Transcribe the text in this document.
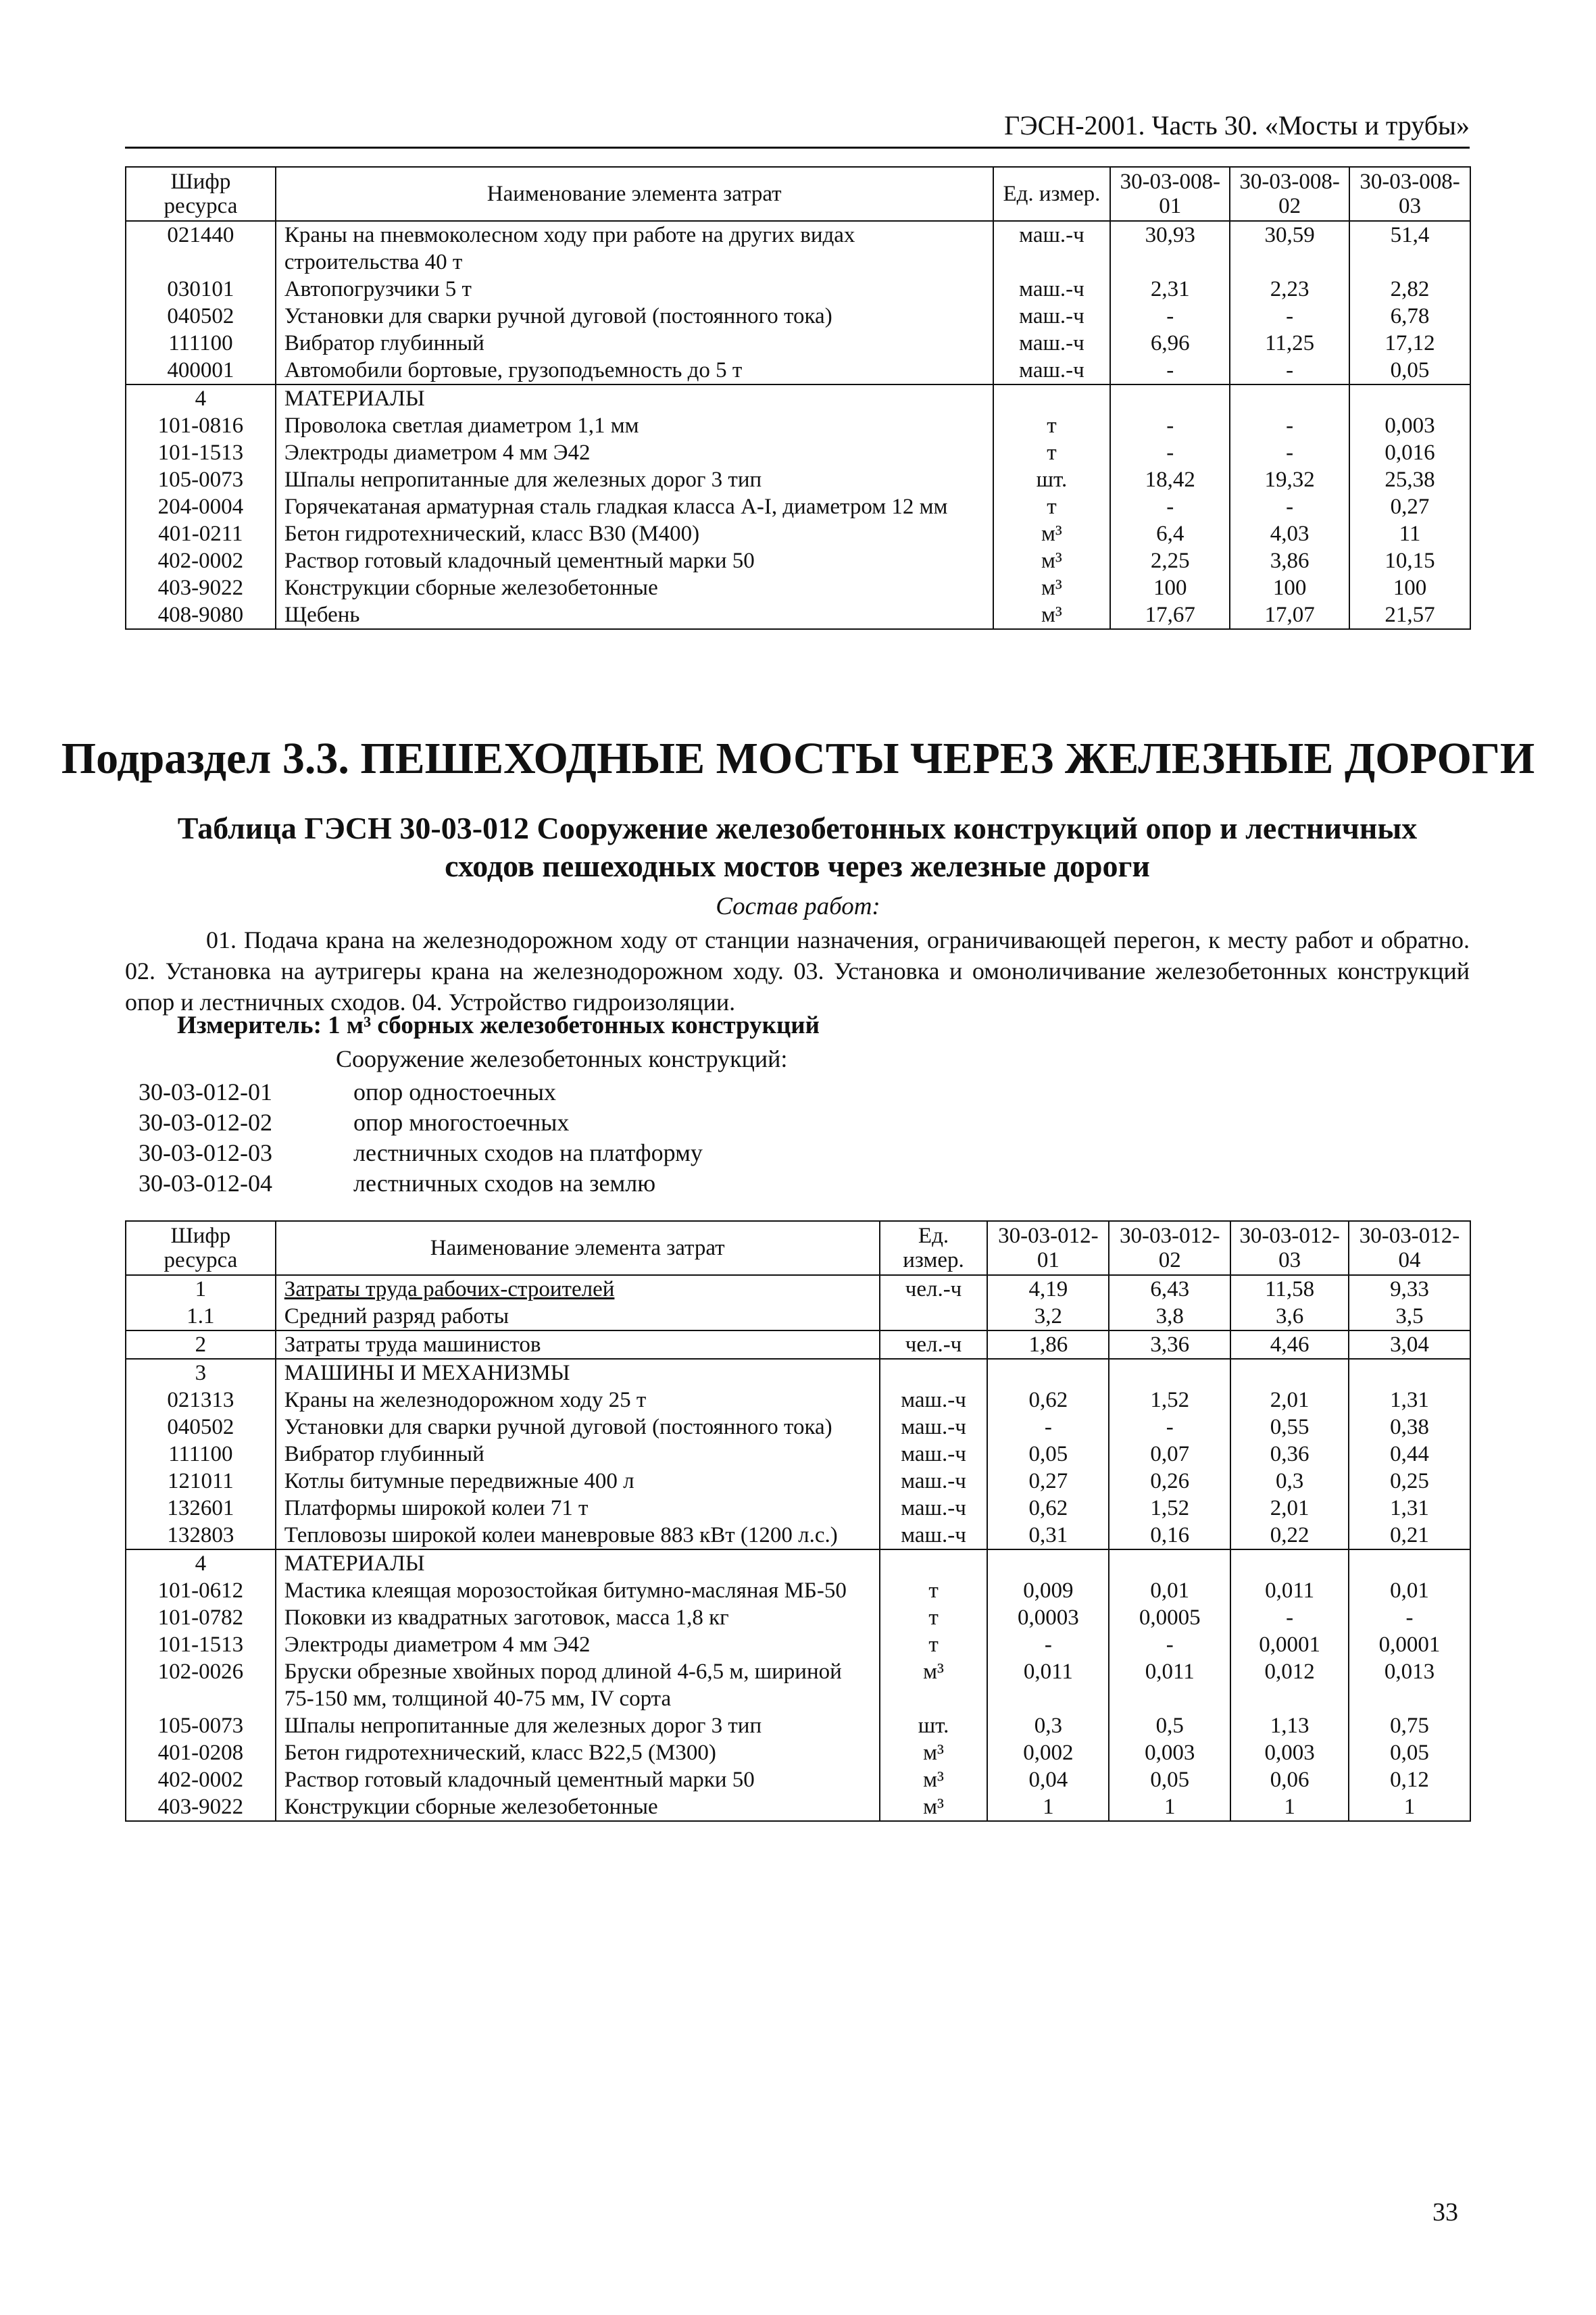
ГЭСН-2001. Часть 30. «Мосты и трубы»
Шифр ресурса	Наименование элемента затрат	Ед. измер.	30-03-008-01	30-03-008-02	30-03-008-03
021440	Краны на пневмоколесном ходу при работе на других видах строительства 40 т	маш.-ч	30,93	30,59	51,4
030101	Автопогрузчики 5 т	маш.-ч	2,31	2,23	2,82
040502	Установки для сварки ручной дуговой (постоянного тока)	маш.-ч	-	-	6,78
111100	Вибратор глубинный	маш.-ч	6,96	11,25	17,12
400001	Автомобили бортовые, грузоподъемность до 5 т	маш.-ч	-	-	0,05
4	МАТЕРИАЛЫ				
101-0816	Проволока светлая диаметром 1,1 мм	т	-	-	0,003
101-1513	Электроды диаметром 4 мм Э42	т	-	-	0,016
105-0073	Шпалы непропитанные для железных дорог 3 тип	шт.	18,42	19,32	25,38
204-0004	Горячекатаная арматурная сталь гладкая класса А-I, диаметром 12 мм	т	-	-	0,27
401-0211	Бетон гидротехнический, класс В30 (М400)	м³	6,4	4,03	11
402-0002	Раствор готовый кладочный цементный марки 50	м³	2,25	3,86	10,15
403-9022	Конструкции сборные железобетонные	м³	100	100	100
408-9080	Щебень	м³	17,67	17,07	21,57
Подраздел 3.3. ПЕШЕХОДНЫЕ МОСТЫ ЧЕРЕЗ ЖЕЛЕЗНЫЕ ДОРОГИ
Таблица ГЭСН 30-03-012 Сооружение железобетонных конструкций опор и лестничных
сходов пешеходных мостов через железные дороги
Состав работ:
01. Подача крана на железнодорожном ходу от станции назначения, ограничивающей перегон, к месту работ и обратно. 02. Установка на аутригеры крана на железнодорожном ходу. 03. Установка и омоноличивание железобетонных конструкций опор и лестничных сходов. 04. Устройство гидроизоляции.
Измеритель: 1 м³ сборных железобетонных конструкций
Сооружение железобетонных конструкций:
30-03-012-01	опор одностоечных
30-03-012-02	опор многостоечных
30-03-012-03	лестничных сходов на платформу
30-03-012-04	лестничных сходов на землю
Шифр ресурса	Наименование элемента затрат	Ед. измер.	30-03-012-01	30-03-012-02	30-03-012-03	30-03-012-04
1	Затраты труда рабочих-строителей	чел.-ч	4,19	6,43	11,58	9,33
1.1	Средний разряд работы		3,2	3,8	3,6	3,5
2	Затраты труда машинистов	чел.-ч	1,86	3,36	4,46	3,04
3	МАШИНЫ И МЕХАНИЗМЫ					
021313	Краны на железнодорожном ходу 25 т	маш.-ч	0,62	1,52	2,01	1,31
040502	Установки для сварки ручной дуговой (постоянного тока)	маш.-ч	-	-	0,55	0,38
111100	Вибратор глубинный	маш.-ч	0,05	0,07	0,36	0,44
121011	Котлы битумные передвижные 400 л	маш.-ч	0,27	0,26	0,3	0,25
132601	Платформы широкой колеи 71 т	маш.-ч	0,62	1,52	2,01	1,31
132803	Тепловозы широкой колеи маневровые 883 кВт (1200 л.с.)	маш.-ч	0,31	0,16	0,22	0,21
4	МАТЕРИАЛЫ					
101-0612	Мастика клеящая морозостойкая битумно-масляная МБ-50	т	0,009	0,01	0,011	0,01
101-0782	Поковки из квадратных заготовок, масса 1,8 кг	т	0,0003	0,0005	-	-
101-1513	Электроды диаметром 4 мм Э42	т	-	-	0,0001	0,0001
102-0026	Бруски обрезные хвойных пород длиной 4-6,5 м, шириной 75-150 мм, толщиной 40-75 мм, IV сорта	м³	0,011	0,011	0,012	0,013
105-0073	Шпалы непропитанные для железных дорог 3 тип	шт.	0,3	0,5	1,13	0,75
401-0208	Бетон гидротехнический, класс В22,5 (М300)	м³	0,002	0,003	0,003	0,05
402-0002	Раствор готовый кладочный цементный марки 50	м³	0,04	0,05	0,06	0,12
403-9022	Конструкции сборные железобетонные	м³	1	1	1	1
33
